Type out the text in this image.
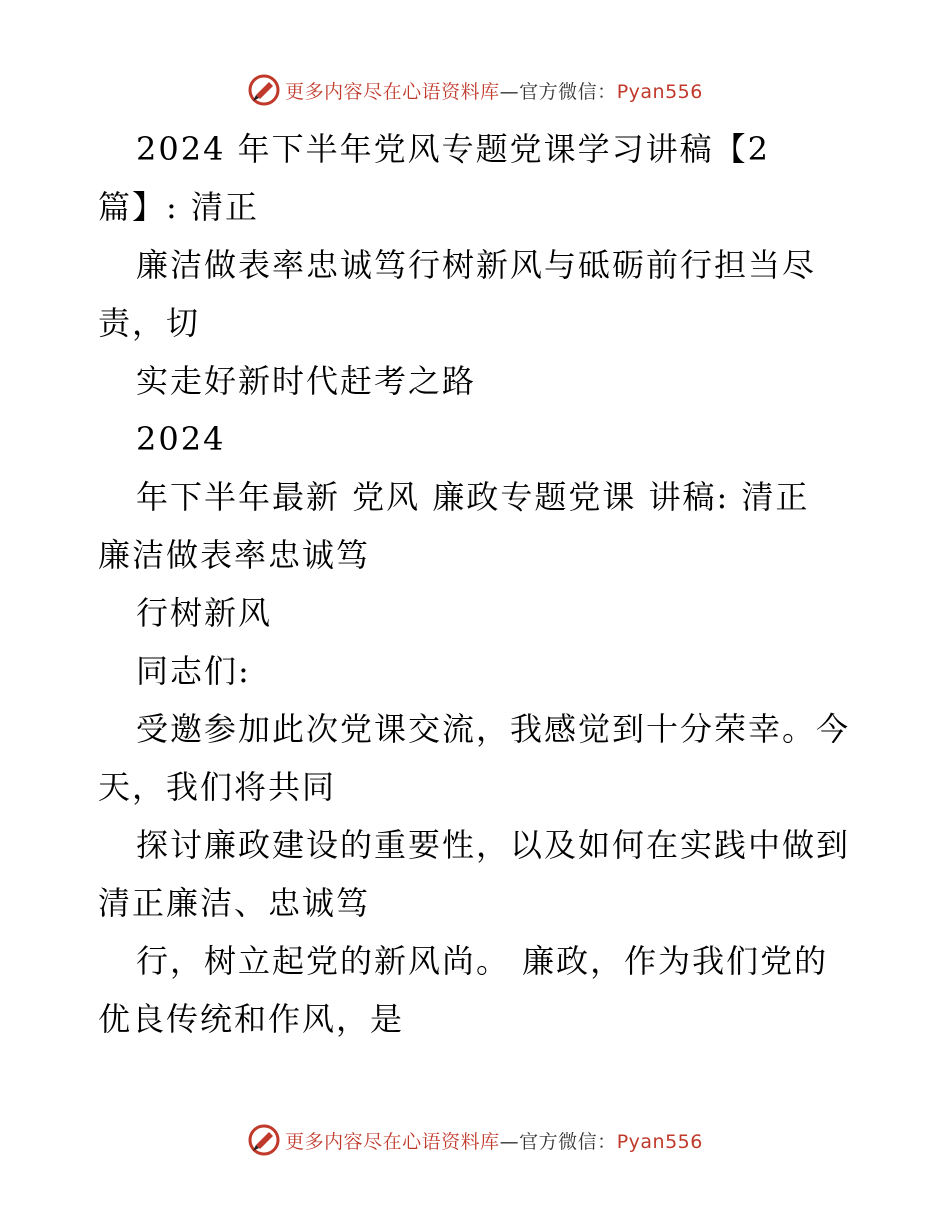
更多内容尽在心语资料库—官方微信：Pyan556
2024 年下半年党风专题党课学习讲稿【2
篇】: 清正
廉洁做表率忠诚笃行树新风与砥砺前行担当尽
责，切
实走好新时代赶考之路
2024
年下半年最新 党风 廉政专题党课 讲稿: 清正
廉洁做表率忠诚笃
行树新风
同志们:
受邀参加此次党课交流，我感觉到十分荣幸。今
天，我们将共同
探讨廉政建设的重要性，以及如何在实践中做到
清正廉洁、忠诚笃
行，树立起党的新风尚。 廉政，作为我们党的
优良传统和作风，是
更多内容尽在心语资料库—官方微信：Pyan556
